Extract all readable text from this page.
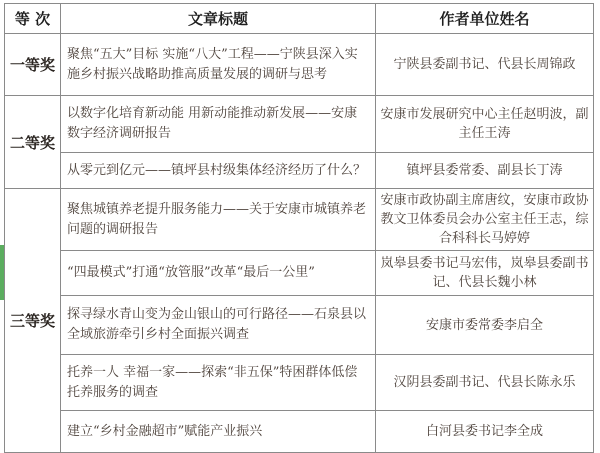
等 次	文章标题	作者单位姓名
一等奖	聚焦“五大”目标 实施“八大”工程——宁陕县深入实施乡村振兴战略助推高质量发展的调研与思考	宁陕县委副书记、代县长周锦政
二等奖	以数字化培育新动能 用新动能推动新发展——安康数字经济调研报告	安康市发展研究中心主任赵明波，副主任王涛
	从零元到亿元——镇坪县村级集体经济经历了什么？	镇坪县委常委、副县长丁涛
三等奖	聚焦城镇养老提升服务能力——关于安康市城镇养老问题的调研报告	安康市政协副主席唐纹，安康市政协教文卫体委员会办公室主任王志，综合科科长马婷婷
	“四最模式”打通“放管服”改革“最后一公里”	岚皋县委书记马宏伟，岚皋县委副书记、代县长魏小林
	探寻绿水青山变为金山银山的可行路径——石泉县以全域旅游牵引乡村全面振兴调查	安康市委常委李启全
	托养一人 幸福一家——探索“非五保”特困群体低偿托养服务的调查	汉阴县委副书记、代县长陈永乐
	建立“乡村金融超市”赋能产业振兴	白河县委书记李全成
